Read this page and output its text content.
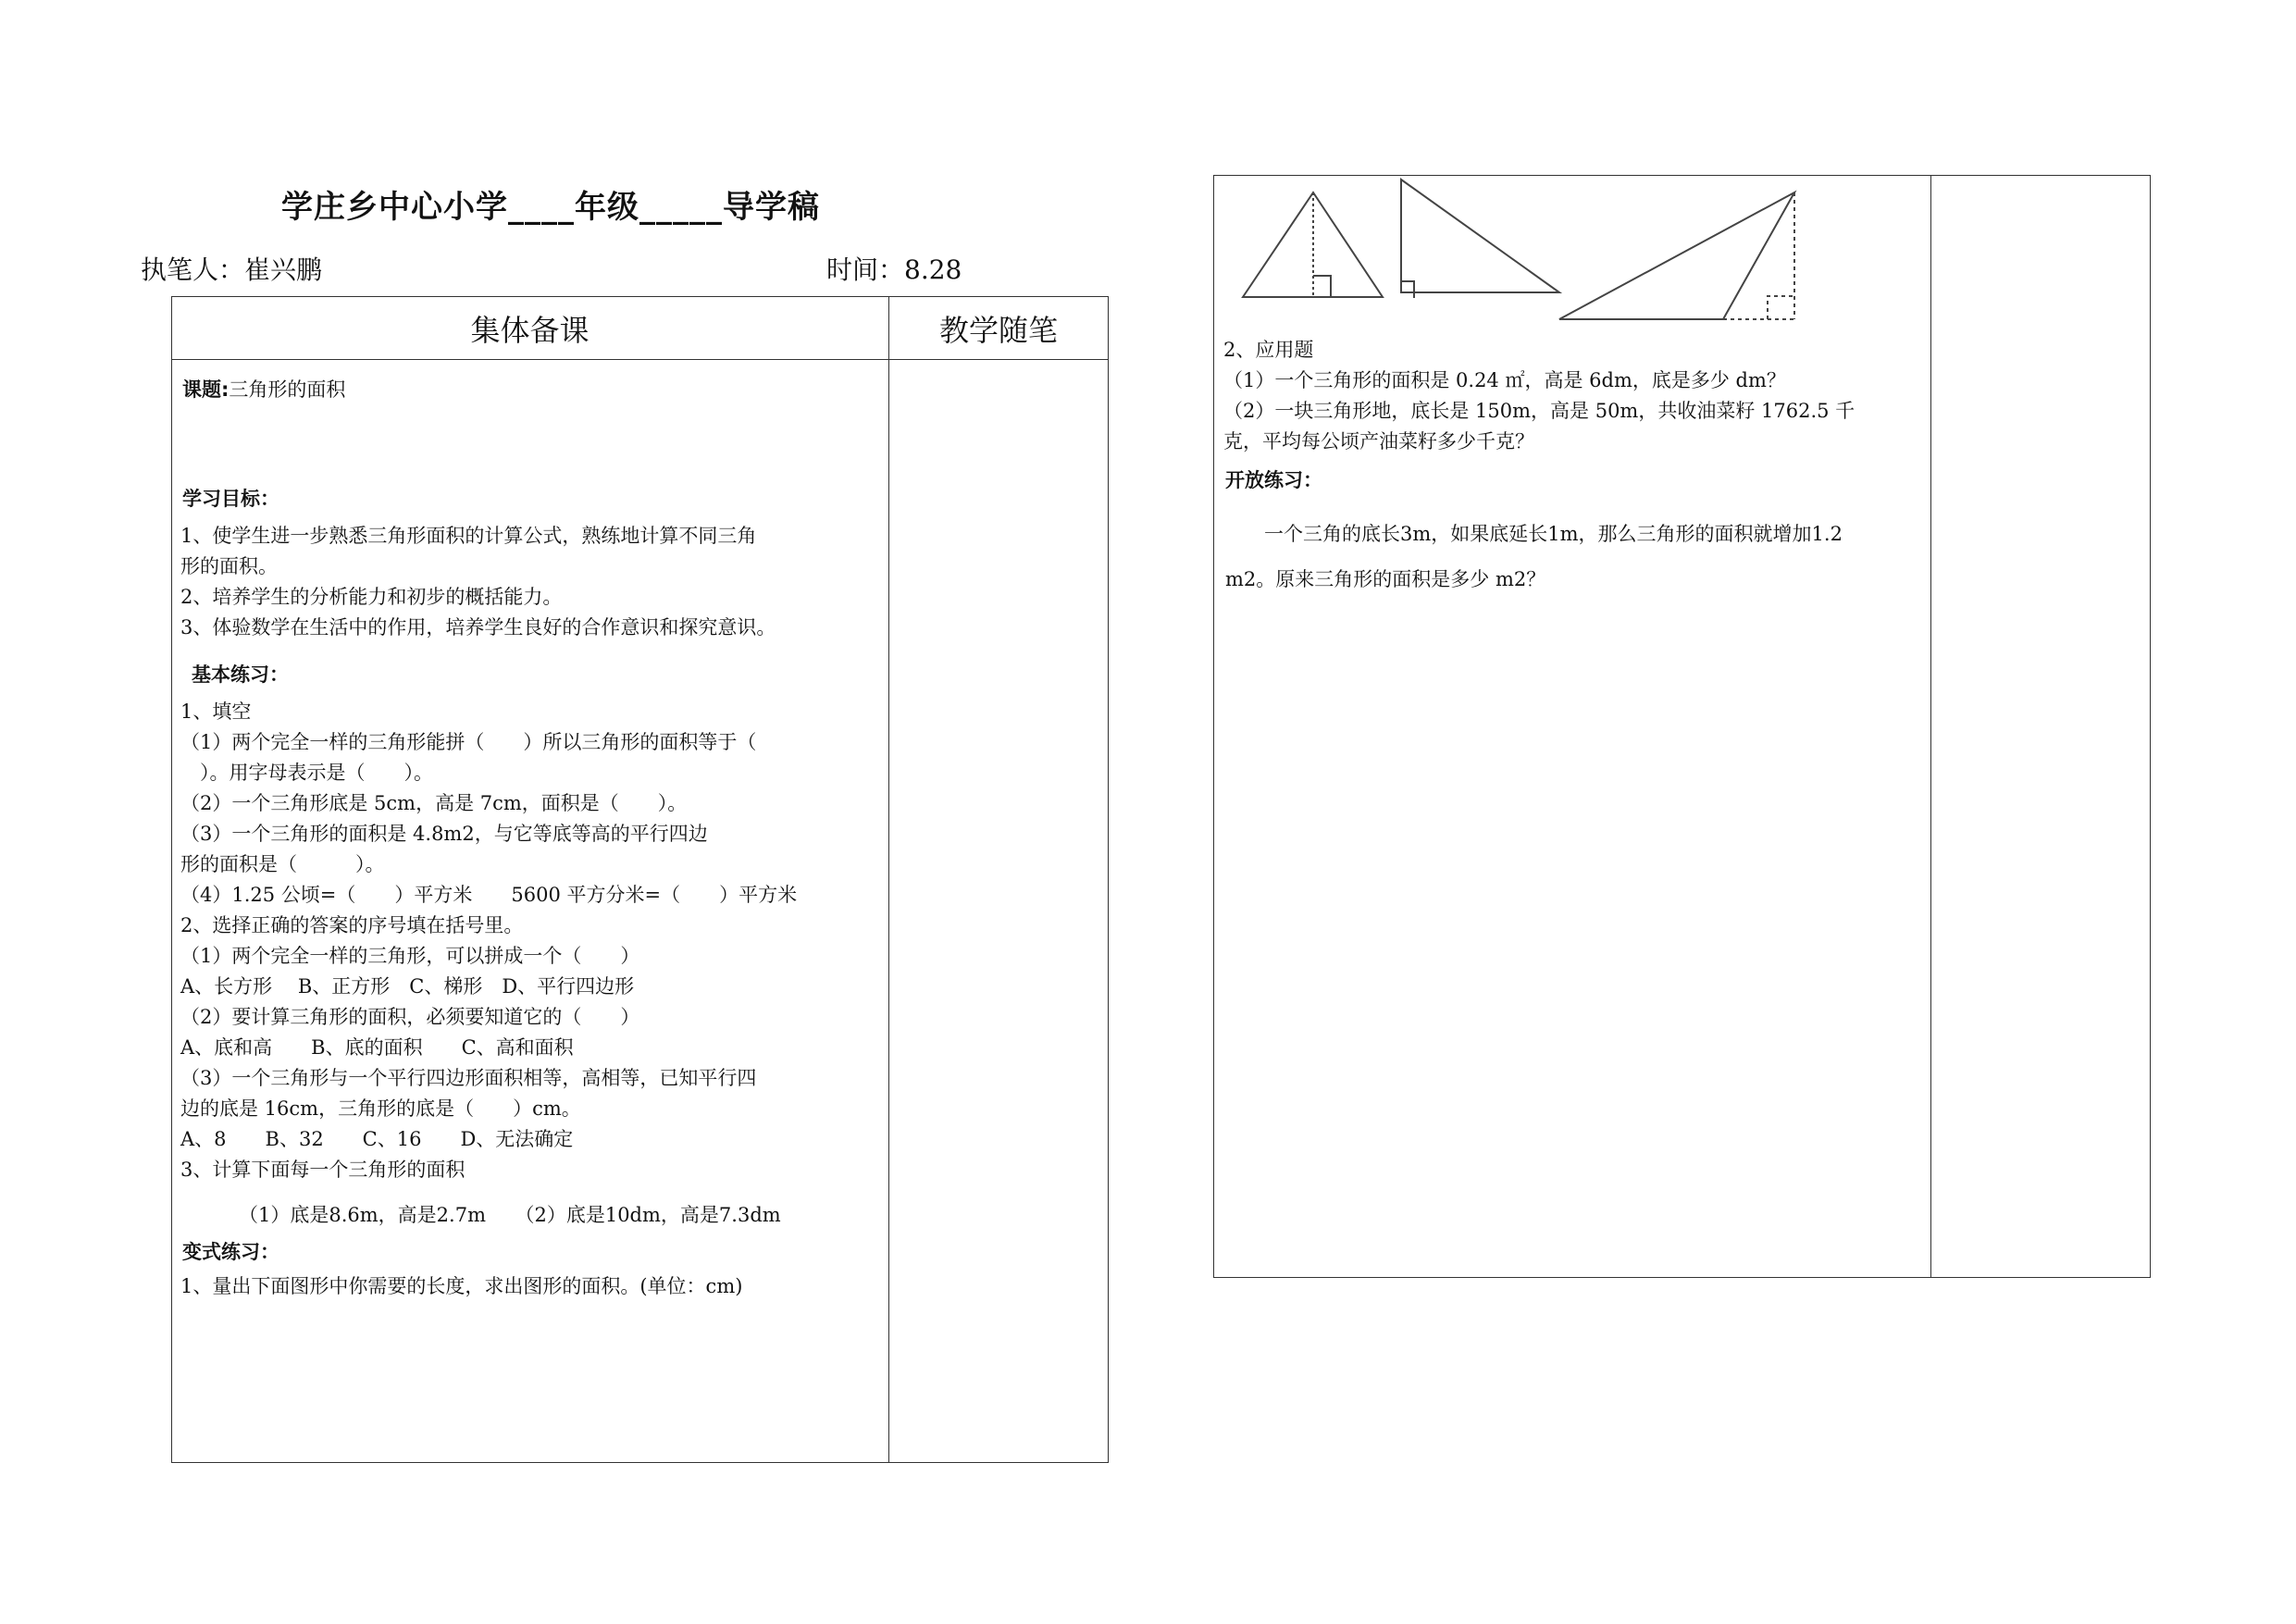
学庄乡中心小学____年级_____导学稿
执笔人：崔兴鹏	时间：8.28
集体备课	教学随笔
课题:三角形的面积
学习目标：
1、使学生进一步熟悉三角形面积的计算公式，熟练地计算不同三角
形的面积。
2、培养学生的分析能力和初步的概括能力。
3、体验数学在生活中的作用，培养学生良好的合作意识和探究意识。
基本练习：
1、填空
（1）两个完全一样的三角形能拼（　　）所以三角形的面积等于（
　）。用字母表示是（　　）。
（2）一个三角形底是 5cm，高是 7cm，面积是（　　）。
（3）一个三角形的面积是 4.8m2，与它等底等高的平行四边
形的面积是（　　　）。
（4）1.25 公顷=（　　）平方米　　5600 平方分米=（　　）平方米
2、选择正确的答案的序号填在括号里。
（1）两个完全一样的三角形，可以拼成一个（　　）
A、长方形　 B、正方形　C、梯形　D、平行四边形
（2）要计算三角形的面积，必须要知道它的（　　）
A、底和高　　B、底的面积　　C、高和面积
（3）一个三角形与一个平行四边形面积相等，高相等，已知平行四
边的底是 16cm，三角形的底是（　　）cm。
A、8　　B、32　　C、16　　D、无法确定
3、计算下面每一个三角形的面积
（1）底是8.6m，高是2.7m　　（2）底是10dm，高是7.3dm
变式练习：
1、量出下面图形中你需要的长度，求出图形的面积。(单位：cm)
2、应用题
（1）一个三角形的面积是 0.24 ㎡，高是 6dm，底是多少 dm？
（2）一块三角形地，底长是 150m，高是 50m，共收油菜籽 1762.5 千
克，平均每公顷产油菜籽多少千克？
开放练习：
　　一个三角的底长3m，如果底延长1m，那么三角形的面积就增加1.2
m2。原来三角形的面积是多少 m2？
